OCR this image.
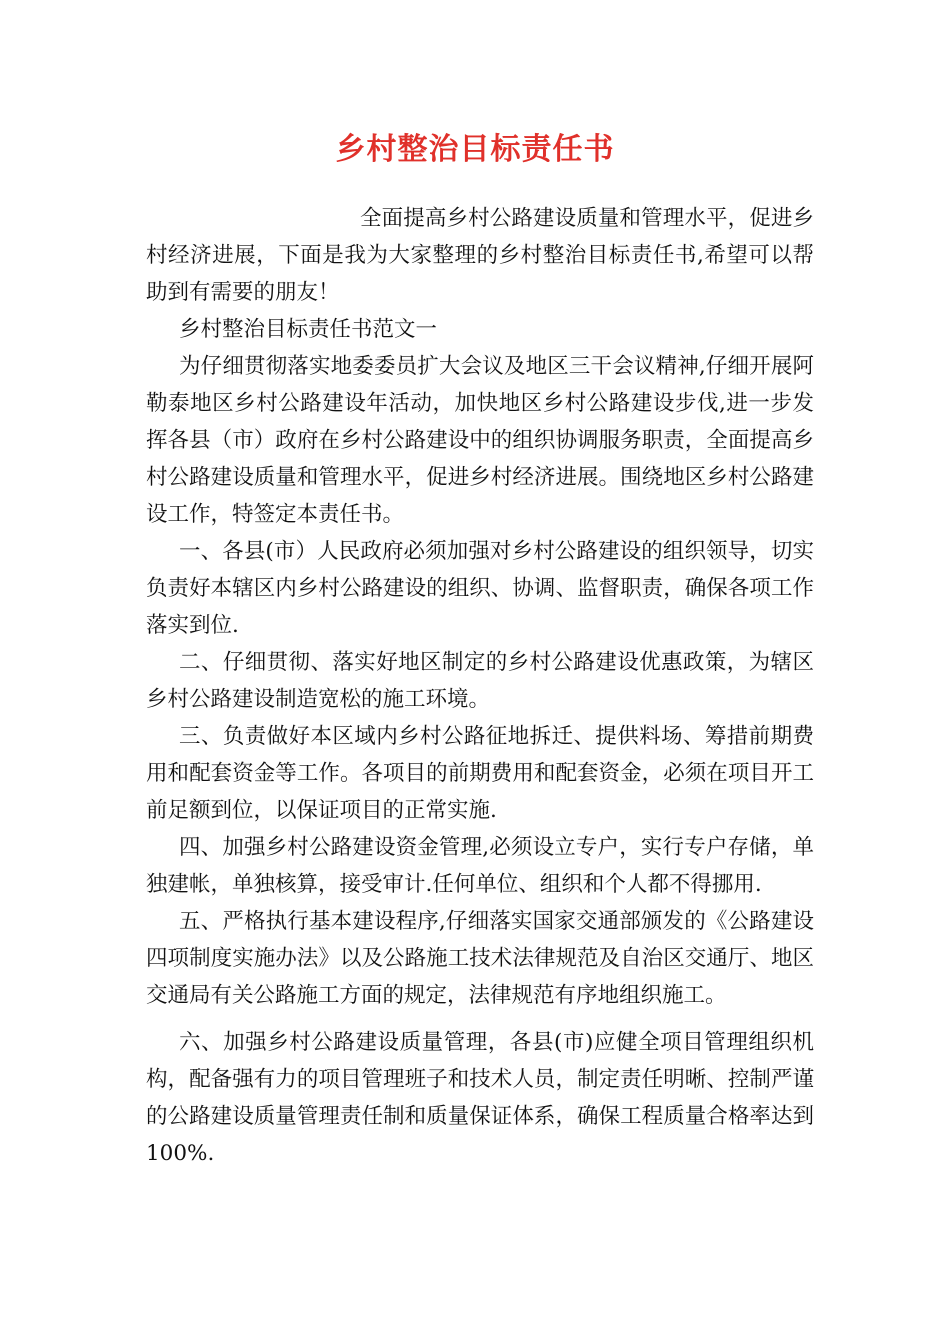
乡村整治目标责任书

全面提高乡村公路建设质量和管理水平，促进乡村经济进展，下面是我为大家整理的乡村整治目标责任书,希望可以帮助到有需要的朋友！

乡村整治目标责任书范文一

为仔细贯彻落实地委委员扩大会议及地区三干会议精神,仔细开展阿勒泰地区乡村公路建设年活动，加快地区乡村公路建设步伐,进一步发挥各县（市）政府在乡村公路建设中的组织协调服务职责，全面提高乡村公路建设质量和管理水平，促进乡村经济进展。围绕地区乡村公路建设工作，特签定本责任书。

一、各县(市）人民政府必须加强对乡村公路建设的组织领导，切实负责好本辖区内乡村公路建设的组织、协调、监督职责，确保各项工作落实到位.

二、仔细贯彻、落实好地区制定的乡村公路建设优惠政策，为辖区乡村公路建设制造宽松的施工环境。

三、负责做好本区域内乡村公路征地拆迁、提供料场、筹措前期费用和配套资金等工作。各项目的前期费用和配套资金，必须在项目开工前足额到位，以保证项目的正常实施.

四、加强乡村公路建设资金管理,必须设立专户，实行专户存储，单独建帐，单独核算，接受审计.任何单位、组织和个人都不得挪用.

五、严格执行基本建设程序,仔细落实国家交通部颁发的《公路建设四项制度实施办法》以及公路施工技术法律规范及自治区交通厅、地区交通局有关公路施工方面的规定，法律规范有序地组织施工。

六、加强乡村公路建设质量管理，各县(市)应健全项目管理组织机构，配备强有力的项目管理班子和技术人员，制定责任明晰、控制严谨的公路建设质量管理责任制和质量保证体系，确保工程质量合格率达到100%.
